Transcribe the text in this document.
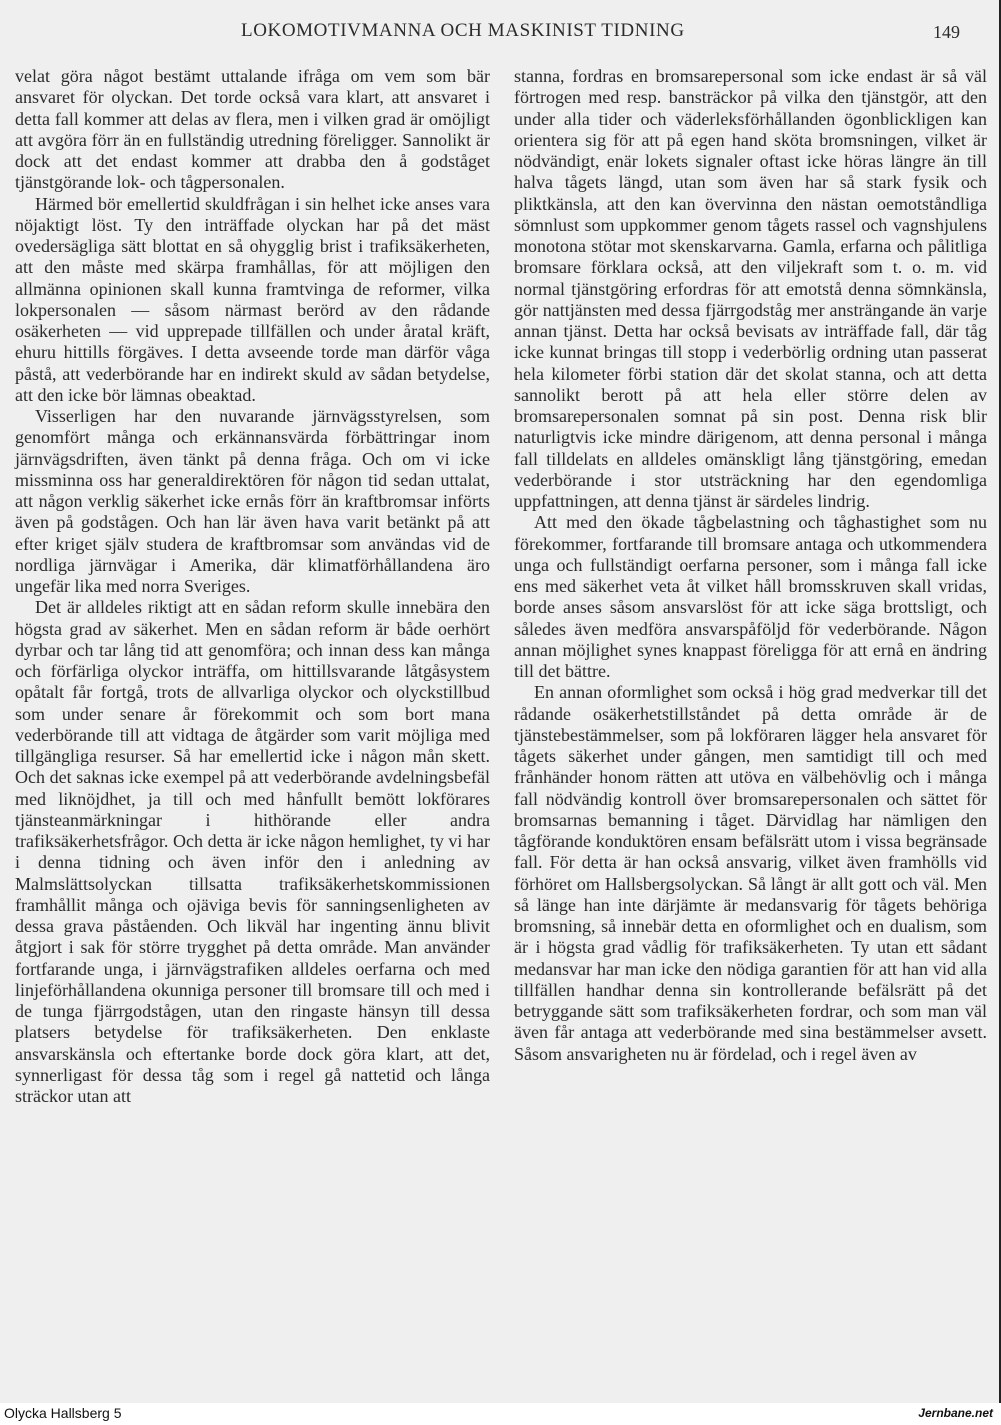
LOKOMOTIVMANNA OCH MASKINIST TIDNING	149

velat göra något bestämt uttalande ifråga om vem som bär ansvaret för olyckan. Det torde också vara klart, att ansvaret i detta fall kommer att delas av flera, men i vilken grad är omöjligt att avgöra förr än en fullständig utredning föreligger. Sannolikt är dock att det endast kommer att drabba den å godståget tjänstgörande lok- och tågpersonalen.

Härmed bör emellertid skuldfrågan i sin helhet icke anses vara nöjaktigt löst. Ty den inträffade olyckan har på det mäst ovedersägliga sätt blottat en så ohygglig brist i trafiksäkerheten, att den måste med skärpa framhållas, för att möjligen den allmänna opinionen skall kunna framtvinga de reformer, vilka lokpersonalen — såsom närmast berörd av den rådande osäkerheten — vid upprepade tillfällen och under åratal kräft, ehuru hittills förgäves. I detta avseende torde man därför våga påstå, att vederbörande har en indirekt skuld av sådan betydelse, att den icke bör lämnas obeaktad.

Visserligen har den nuvarande järnvägsstyrelsen, som genomfört många och erkännansvärda förbättringar inom järnvägsdriften, även tänkt på denna fråga. Och om vi icke missminna oss har generaldirektören för någon tid sedan uttalat, att någon verklig säkerhet icke ernås förr än kraftbromsar införts även på godstågen. Och han lär även hava varit betänkt på att efter kriget själv studera de kraftbromsar som användas vid de nordliga järnvägar i Amerika, där klimatförhållandena äro ungefär lika med norra Sveriges.

Det är alldeles riktigt att en sådan reform skulle innebära den högsta grad av säkerhet. Men en sådan reform är både oerhört dyrbar och tar lång tid att genomföra; och innan dess kan många och förfärliga olyckor inträffa, om hittillsvarande låtgåsystem opåtalt får fortgå, trots de allvarliga olyckor och olyckstillbud som under senare år förekommit och som bort mana vederbörande till att vidtaga de åtgärder som varit möjliga med tillgängliga resurser. Så har emellertid icke i någon mån skett. Och det saknas icke exempel på att vederbörande avdelningsbefäl med liknöjdhet, ja till och med hånfullt bemött lokförares tjänsteanmärkningar i hithörande eller andra trafiksäkerhetsfrågor. Och detta är icke någon hemlighet, ty vi har i denna tidning och även inför den i anledning av Malmslättsolyckan tillsatta trafiksäkerhetskommissionen framhållit många och ojäviga bevis för sanningsenligheten av dessa grava påståenden. Och likväl har ingenting ännu blivit åtgjort i sak för större trygghet på detta område. Man använder fortfarande unga, i järnvägstrafiken alldeles oerfarna och med linjeförhållandena okunniga personer till bromsare till och med i de tunga fjärrgodstågen, utan den ringaste hänsyn till dessa platsers betydelse för trafiksäkerheten. Den enklaste ansvarskänsla och eftertanke borde dock göra klart, att det, synnerligast för dessa tåg som i regel gå nattetid och långa sträckor utan att

stanna, fordras en bromsarepersonal som icke endast är så väl förtrogen med resp. bansträckor på vilka den tjänstgör, att den under alla tider och väderleksförhållanden ögonblickligen kan orientera sig för att på egen hand sköta bromsningen, vilket är nödvändigt, enär lokets signaler oftast icke höras längre än till halva tågets längd, utan som även har så stark fysik och pliktkänsla, att den kan övervinna den nästan oemotståndliga sömnlust som uppkommer genom tågets rassel och vagnshjulens monotona stötar mot skenskarvarna. Gamla, erfarna och pålitliga bromsare förklara också, att den viljekraft som t. o. m. vid normal tjänstgöring erfordras för att emotstå denna sömnkänsla, gör nattjänsten med dessa fjärrgodståg mer ansträngande än varje annan tjänst. Detta har också bevisats av inträffade fall, där tåg icke kunnat bringas till stopp i vederbörlig ordning utan passerat hela kilometer förbi station där det skolat stanna, och att detta sannolikt berott på att hela eller större delen av bromsarepersonalen somnat på sin post. Denna risk blir naturligtvis icke mindre därigenom, att denna personal i många fall tilldelats en alldeles omänskligt lång tjänstgöring, emedan vederbörande i stor utsträckning har den egendomliga uppfattningen, att denna tjänst är särdeles lindrig.

Att med den ökade tågbelastning och tåghastighet som nu förekommer, fortfarande till bromsare antaga och utkommendera unga och fullständigt oerfarna personer, som i många fall icke ens med säkerhet veta åt vilket håll bromsskruven skall vridas, borde anses såsom ansvarslöst för att icke säga brottsligt, och således även medföra ansvarspåföljd för vederbörande. Någon annan möjlighet synes knappast föreligga för att ernå en ändring till det bättre.

En annan oformlighet som också i hög grad medverkar till det rådande osäkerhetstillståndet på detta område är de tjänstebestämmelser, som på lokföraren lägger hela ansvaret för tågets säkerhet under gången, men samtidigt till och med frånhänder honom rätten att utöva en välbehövlig och i många fall nödvändig kontroll över bromsarepersonalen och sättet för bromsarnas bemanning i tåget. Därvidlag har nämligen den tågförande konduktören ensam befälsrätt utom i vissa begränsade fall. För detta är han också ansvarig, vilket även framhölls vid förhöret om Hallsbergsolyckan. Så långt är allt gott och väl. Men så länge han inte därjämte är medansvarig för tågets behöriga bromsning, så innebär detta en oformlighet och en dualism, som är i högsta grad vådlig för trafiksäkerheten. Ty utan ett sådant medansvar har man icke den nödiga garantien för att han vid alla tillfällen handhar denna sin kontrollerande befälsrätt på det betryggande sätt som trafiksäkerheten fordrar, och som man väl även får antaga att vederbörande med sina bestämmelser avsett. Såsom ansvarigheten nu är fördelad, och i regel även av

Olycka Hallsberg 5	Jernbane.net
